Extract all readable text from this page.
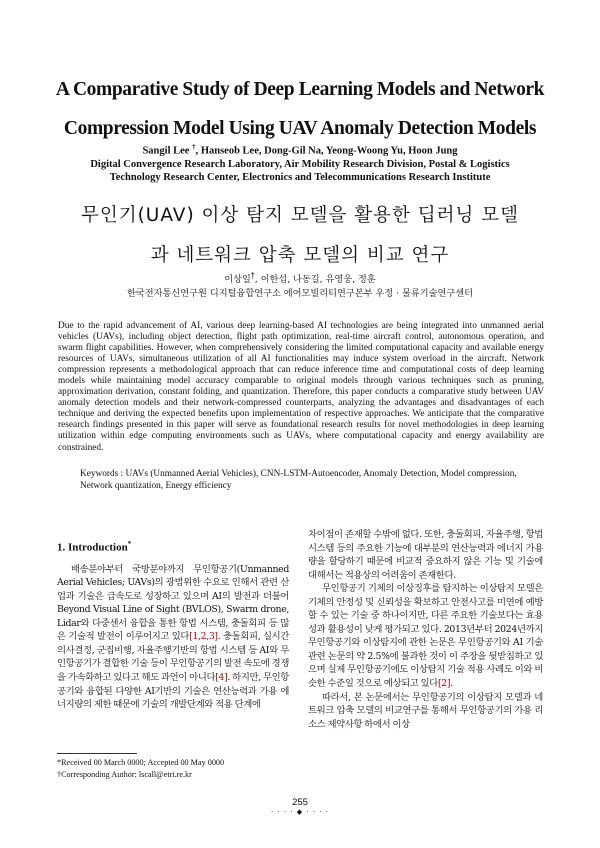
A Comparative Study of Deep Learning Models and Network
Compression Model Using UAV Anomaly Detection Models
Sangil Lee †, Hanseob Lee, Dong-Gil Na, Yeong-Woong Yu, Hoon Jung
Digital Convergence Research Laboratory, Air Mobility Research Division, Postal & Logistics
Technology Research Center, Electronics and Telecommunications Research Institute
무인기(UAV) 이상 탐지 모델을 활용한 딥러닝 모델
과 네트워크 압축 모델의 비교 연구
이상일†, 이한섭, 나동길, 유영웅, 정훈
한국전자통신연구원 디지털융합연구소 에어모빌리티연구본부 우정 · 물류기술연구센터
Due to the rapid advancement of AI, various deep learning-based AI technologies are being integrated into unmanned aerial vehicles (UAVs), including object detection, flight path optimization, real-time aircraft control, autonomous operation, and swarm flight capabilities. However, when comprehensively considering the limited computational capacity and available energy resources of UAVs, simultaneous utilization of all AI functionalities may induce system overload in the aircraft. Network compression represents a methodological approach that can reduce inference time and computational costs of deep learning models while maintaining model accuracy comparable to original models through various techniques such as pruning, approximation derivation, constant folding, and quantization. Therefore, this paper conducts a comparative study between UAV anomaly detection models and their network-compressed counterparts, analyzing the advantages and disadvantages of each technique and deriving the expected benefits upon implementation of respective approaches. We anticipate that the comparative research findings presented in this paper will serve as foundational research results for novel methodologies in deep learning utilization within edge computing environments such as UAVs, where computational capacity and energy availability are constrained.
Keywords : UAVs (Unmanned Aerial Vehicles), CNN-LSTM-Autoencoder, Anomaly Detection, Model compression, Network quantization, Energy efficiency
1. Introduction*

배송분야부터 국방분야까지 무인항공기(Unmanned Aerial Vehicles; UAVs)의 광범위한 수요로 인해서 관련 산업과 기술은 급속도로 성장하고 있으며 AI의 발전과 더불어 Beyond Visual Line of Sight (BVLOS), Swarm drone, Lidar와 다중센서 융합을 통한 항법 시스템, 충돌회피 등 많은 기술적 발전이 이루어지고 있다[1,2,3]. 충돌회피, 실시간 의사결정, 군집비행, 자율주행기반의 항법 시스템 등 AI와 무인항공기가 결합한 기술 등이 무인항공기의 발전 속도에 경쟁을 가속화하고 있다고 해도 과언이 아니다[4]. 하지만, 무인항공기와 융합된 다양한 AI기반의 기술은 연산능력과 가용 에너지량의 제한 때문에 기술의 개발단계와 적용 단계에

차이점이 존재할 수밖에 없다. 또한, 충돌회피, 자율주행, 항법시스템 등의 주요한 기능에 대부분의 연산능력과 에너지 가용량을 할당하기 때문에 비교적 중요하지 않은 기능 및 기술에 대해서는 적용상의 어려움이 존재한다.

무인항공기 기체의 이상징후를 탐지하는 이상탐지 모델은 기체의 안정성 및 신뢰성을 확보하고 안전사고를 미연에 예방할 수 있는 기술 중 하나이지만, 다른 주요한 기술보다는 효용성과 활용성이 낮게 평가되고 있다. 2013년부터 2024년까지 무인항공기와 이상탐지에 관한 논문은 무인항공기와 AI 기술 관련 논문의 약 2.5%에 불과한 것이 이 주장을 뒷받침하고 있으며 실제 무인항공기에도 이상탐지 기술 적용 사례도 이와 비슷한 수준일 것으로 예상되고 있다[2].

따라서, 본 논문에서는 무인항공기의 이상탐지 모델과 네트워크 압축 모델의 비교연구를 통해서 무인항공기의 가용 리소스 제약사항 하에서 이상

*Received 00 March 0000; Accepted 00 May 0000
†Corresponding Author: lscall@etri.re.kr
255
· · · · ◆ · · · ·
